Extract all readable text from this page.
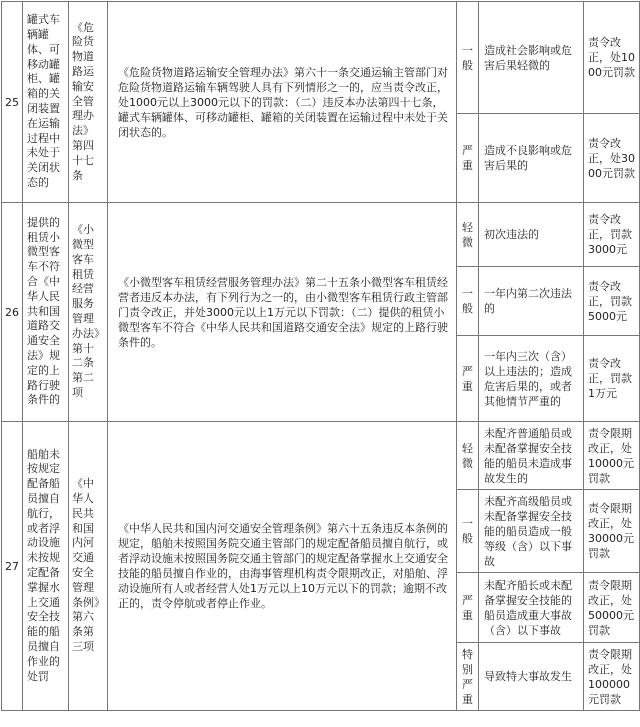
25	罐式车辆罐体、可移动罐柜、罐箱的关闭装置在运输过程中未处于关闭状态的	《危险货物道路运输安全管理办法》第四十七条	《危险货物道路运输安全管理办法》第六十一条交通运输主管部门对危险货物道路运输车辆驾驶人具有下列情形之一的，应当责令改正，处1000元以上3000元以下的罚款：（二）违反本办法第四十七条，罐式车辆罐体、可移动罐柜、罐箱的关闭装置在运输过程中未处于关闭状态的。	一般	造成社会影响或危害后果轻微的	责令改正，处1000元罚款
				严重	造成不良影响或危害后果的	责令改正，处3000元罚款
26	提供的租赁小微型客车不符合《中华人民共和国道路交通安全法》规定的上路行驶条件的	《小微型客车租赁经营服务管理办法》第十二条第二项	《小微型客车租赁经营服务管理办法》第二十五条小微型客车租赁经营者违反本办法，有下列行为之一的，由小微型客车租赁行政主管部门责令改正，并处3000元以上1万元以下罚款：（二）提供的租赁小微型客车不符合《中华人民共和国道路交通安全法》规定的上路行驶条件的。	轻微	初次违法的	责令改正，罚款3000元
				一般	一年内第二次违法的	责令改正，罚款5000元
				严重	一年内三次（含）以上违法的；造成危害后果的，或者其他情节严重的	责令改正，罚款1万元
27	船舶未按规定配备船员擅自航行，或者浮动设施未按规定配备掌握水上交通安全技能的船员擅自作业的处罚	《中华人民共和国内河交通安全管理条例》第六条第三项	《中华人民共和国内河交通安全管理条例》第六十五条违反本条例的规定，船舶未按照国务院交通主管部门的规定配备船员擅自航行，或者浮动设施未按照国务院交通主管部门的规定配备掌握水上交通安全技能的船员擅自作业的，由海事管理机构责令限期改正，对船舶、浮动设施所有人或者经营人处1万元以上10万元以下的罚款；逾期不改正的，责令停航或者停止作业。	轻微	未配齐普通船员或未配备掌握安全技能的船员未造成事故发生的	责令限期改正，处10000元罚款
				一般	未配齐高级船员或未配备掌握安全技能的船员造成一般等级（含）以下事故	责令限期改正，处30000元罚款
				严重	未配齐船长或未配备掌握安全技能的船员造成重大事故（含）以下事故	责令限期改正，处50000元罚款
				特别严重	导致特大事故发生	责令限期改正，处100000元罚款
